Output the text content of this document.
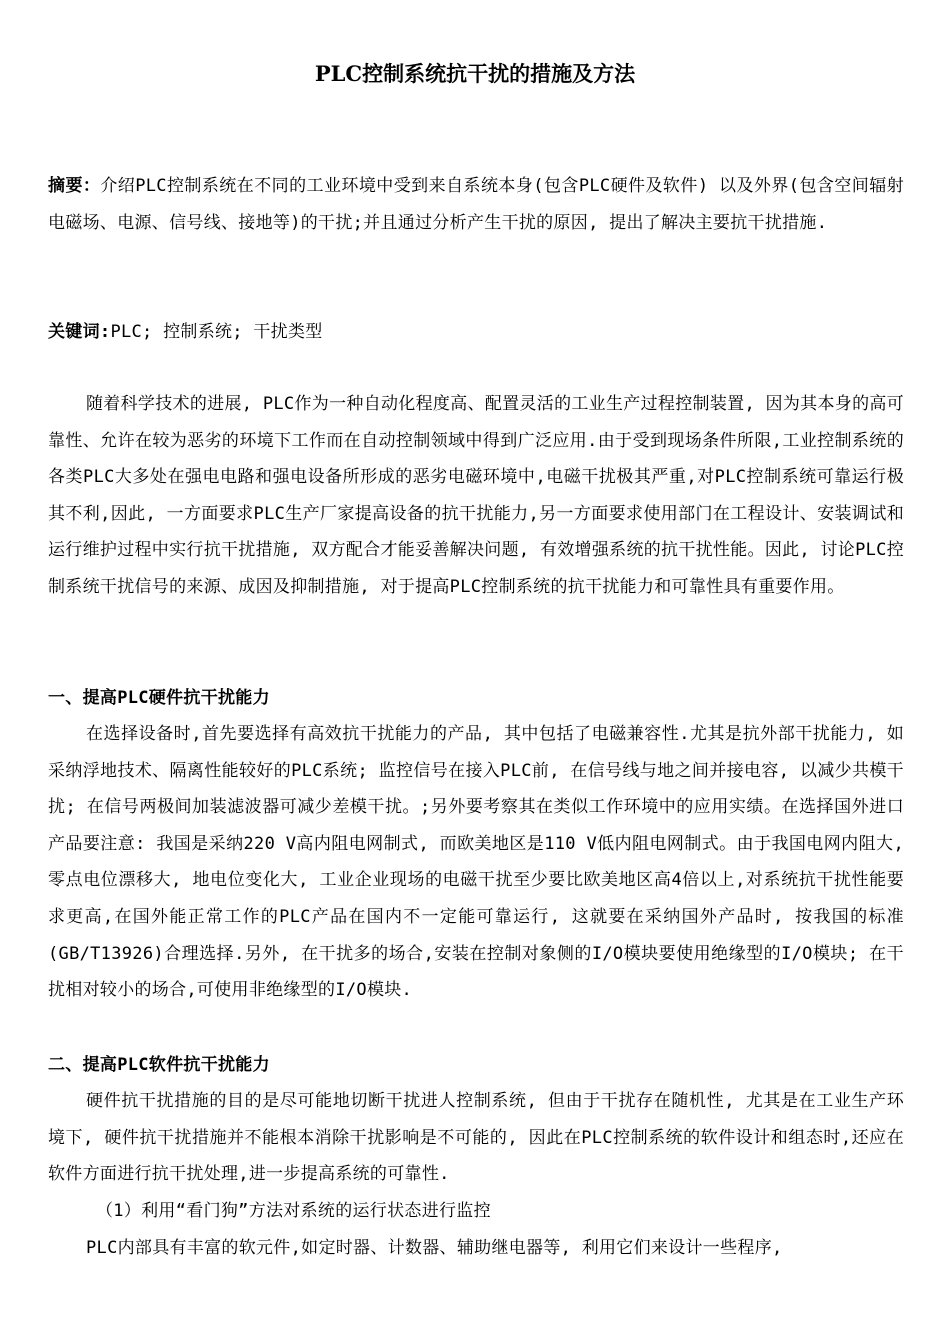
PLC控制系统抗干扰的措施及方法

摘要：介绍PLC控制系统在不同的工业环境中受到来自系统本身(包含PLC硬件及软件) 以及外界(包含空间辐射电磁场、电源、信号线、接地等)的干扰;并且通过分析产生干扰的原因, 提出了解决主要抗干扰措施.

关键词:PLC; 控制系统; 干扰类型

随着科学技术的进展, PLC作为一种自动化程度高、配置灵活的工业生产过程控制装置, 因为其本身的高可靠性、允许在较为恶劣的环境下工作而在自动控制领域中得到广泛应用.由于受到现场条件所限,工业控制系统的各类PLC大多处在强电电路和强电设备所形成的恶劣电磁环境中,电磁干扰极其严重,对PLC控制系统可靠运行极其不利,因此, 一方面要求PLC生产厂家提高设备的抗干扰能力,另一方面要求使用部门在工程设计、安装调试和运行维护过程中实行抗干扰措施, 双方配合才能妥善解决问题, 有效增强系统的抗干扰性能。因此, 讨论PLC控制系统干扰信号的来源、成因及抑制措施, 对于提高PLC控制系统的抗干扰能力和可靠性具有重要作用。

一、提高PLC硬件抗干扰能力

在选择设备时,首先要选择有高效抗干扰能力的产品, 其中包括了电磁兼容性.尤其是抗外部干扰能力, 如采纳浮地技术、隔离性能较好的PLC系统; 监控信号在接入PLC前, 在信号线与地之间并接电容, 以减少共模干扰; 在信号两极间加装滤波器可减少差模干扰。;另外要考察其在类似工作环境中的应用实绩。在选择国外进口产品要注意: 我国是采纳220 V高内阻电网制式, 而欧美地区是110 V低内阻电网制式。由于我国电网内阻大, 零点电位漂移大, 地电位变化大, 工业企业现场的电磁干扰至少要比欧美地区高4倍以上,对系统抗干扰性能要求更高,在国外能正常工作的PLC产品在国内不一定能可靠运行, 这就要在采纳国外产品时, 按我国的标准 (GB/T13926)合理选择.另外, 在干扰多的场合,安装在控制对象侧的I/O模块要使用绝缘型的I/O模块; 在干扰相对较小的场合,可使用非绝缘型的I/O模块.

二、提高PLC软件抗干扰能力

硬件抗干扰措施的目的是尽可能地切断干扰进人控制系统, 但由于干扰存在随机性, 尤其是在工业生产环境下, 硬件抗干扰措施并不能根本消除干扰影响是不可能的, 因此在PLC控制系统的软件设计和组态时,还应在软件方面进行抗干扰处理,进一步提高系统的可靠性.

（1）利用“看门狗”方法对系统的运行状态进行监控

PLC内部具有丰富的软元件,如定时器、计数器、辅助继电器等, 利用它们来设计一些程序,
